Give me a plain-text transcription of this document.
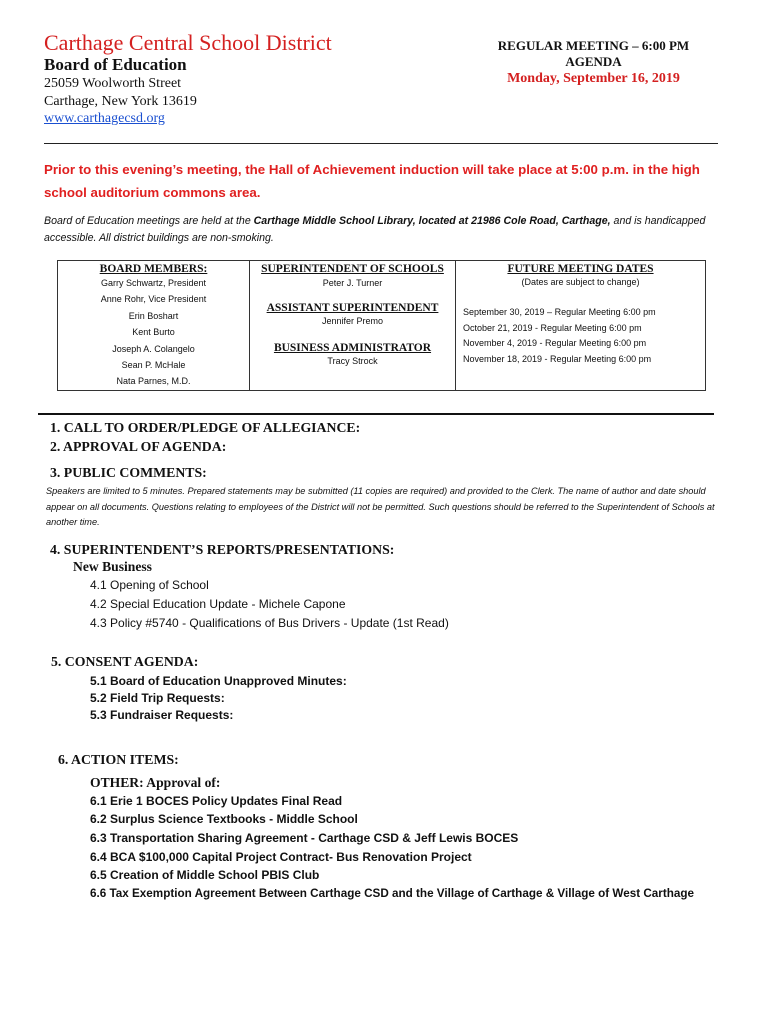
Carthage Central School District
Board of Education
25059 Woolworth Street
Carthage, New York 13619
www.carthagecsd.org
REGULAR MEETING – 6:00 PM
AGENDA
Monday, September 16, 2019
Prior to this evening’s meeting, the Hall of Achievement induction will take place at 5:00 p.m. in the high school auditorium commons area.
Board of Education meetings are held at the Carthage Middle School Library, located at 21986 Cole Road, Carthage, and is handicapped accessible. All district buildings are non-smoking.
BOARD MEMBERS:
Garry Schwartz, President
Anne Rohr, Vice President
Erin Boshart
Kent Burto
Joseph A. Colangelo
Sean P. McHale
Nata Parnes, M.D.
SUPERINTENDENT OF SCHOOLS
Peter J. Turner
ASSISTANT SUPERINTENDENT
Jennifer Premo
BUSINESS ADMINISTRATOR
Tracy Strock
FUTURE MEETING DATES
(Dates are subject to change)
September 30, 2019 – Regular Meeting 6:00 pm
October 21, 2019 - Regular Meeting 6:00 pm
November 4, 2019 - Regular Meeting 6:00 pm
November 18, 2019 - Regular Meeting 6:00 pm
1. CALL TO ORDER/PLEDGE OF ALLEGIANCE:
2. APPROVAL OF AGENDA:
3. PUBLIC COMMENTS:
Speakers are limited to 5 minutes. Prepared statements may be submitted (11 copies are required) and provided to the Clerk. The name of author and date should appear on all documents. Questions relating to employees of the District will not be permitted. Such questions should be referred to the Superintendent of Schools at another time.
4. SUPERINTENDENT’S REPORTS/PRESENTATIONS:
New Business
4.1 Opening of School
4.2 Special Education Update - Michele Capone
4.3 Policy #5740 - Qualifications of Bus Drivers - Update (1st Read)
5. CONSENT AGENDA:
5.1 Board of Education Unapproved Minutes:
5.2 Field Trip Requests:
5.3 Fundraiser Requests:
6. ACTION ITEMS:
OTHER: Approval of:
6.1 Erie 1 BOCES Policy Updates Final Read
6.2 Surplus Science Textbooks - Middle School
6.3 Transportation Sharing Agreement - Carthage CSD & Jeff Lewis BOCES
6.4 BCA $100,000 Capital Project Contract- Bus Renovation Project
6.5 Creation of Middle School PBIS Club
6.6 Tax Exemption Agreement Between Carthage CSD and the Village of Carthage & Village of West Carthage
